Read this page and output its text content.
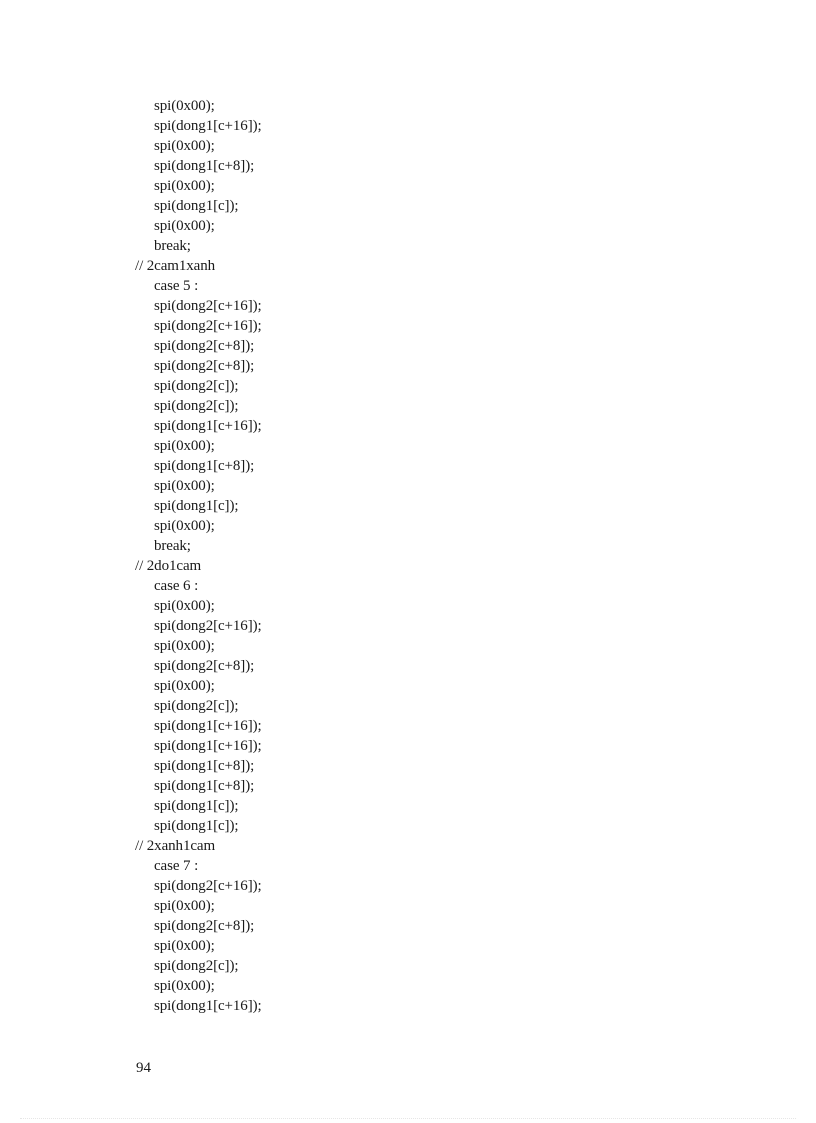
spi(0x00);
spi(dong1[c+16]);
spi(0x00);
spi(dong1[c+8]);
spi(0x00);
spi(dong1[c]);
spi(0x00);
break;
// 2cam1xanh
case 5 :
spi(dong2[c+16]);
spi(dong2[c+16]);
spi(dong2[c+8]);
spi(dong2[c+8]);
spi(dong2[c]);
spi(dong2[c]);
spi(dong1[c+16]);
spi(0x00);
spi(dong1[c+8]);
spi(0x00);
spi(dong1[c]);
spi(0x00);
break;
// 2do1cam
case 6 :
spi(0x00);
spi(dong2[c+16]);
spi(0x00);
spi(dong2[c+8]);
spi(0x00);
spi(dong2[c]);
spi(dong1[c+16]);
spi(dong1[c+16]);
spi(dong1[c+8]);
spi(dong1[c+8]);
spi(dong1[c]);
spi(dong1[c]);
// 2xanh1cam
case 7 :
spi(dong2[c+16]);
spi(0x00);
spi(dong2[c+8]);
spi(0x00);
spi(dong2[c]);
spi(0x00);
spi(dong1[c+16]);
94
